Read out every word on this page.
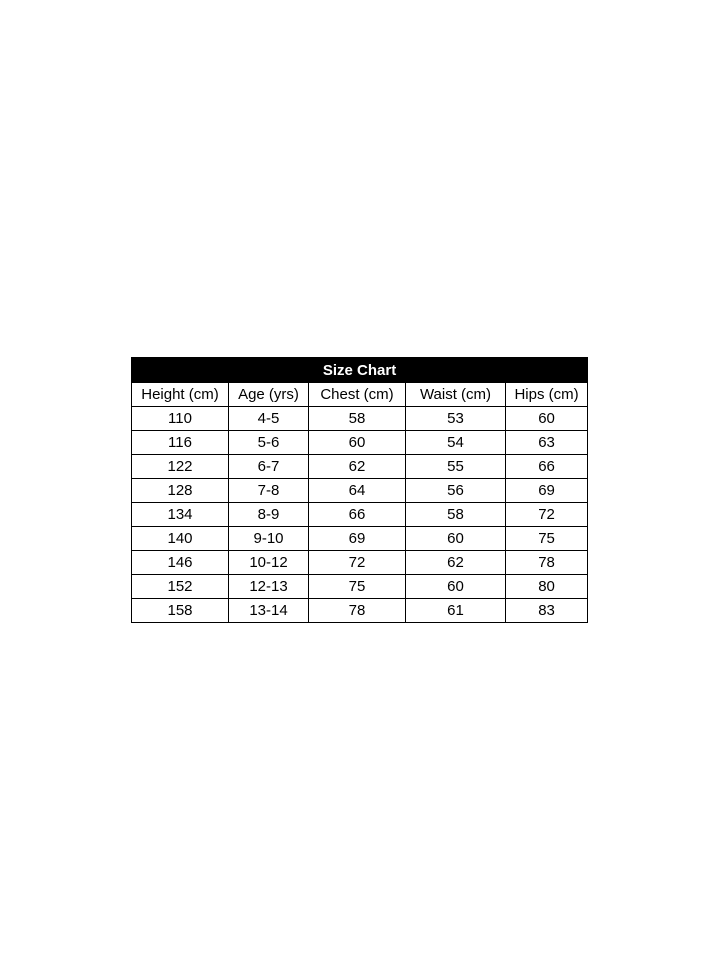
Size Chart				
Height (cm)	Age (yrs)	Chest (cm)	Waist (cm)	Hips (cm)
110	4-5	58	53	60
116	5-6	60	54	63
122	6-7	62	55	66
128	7-8	64	56	69
134	8-9	66	58	72
140	9-10	69	60	75
146	10-12	72	62	78
152	12-13	75	60	80
158	13-14	78	61	83
